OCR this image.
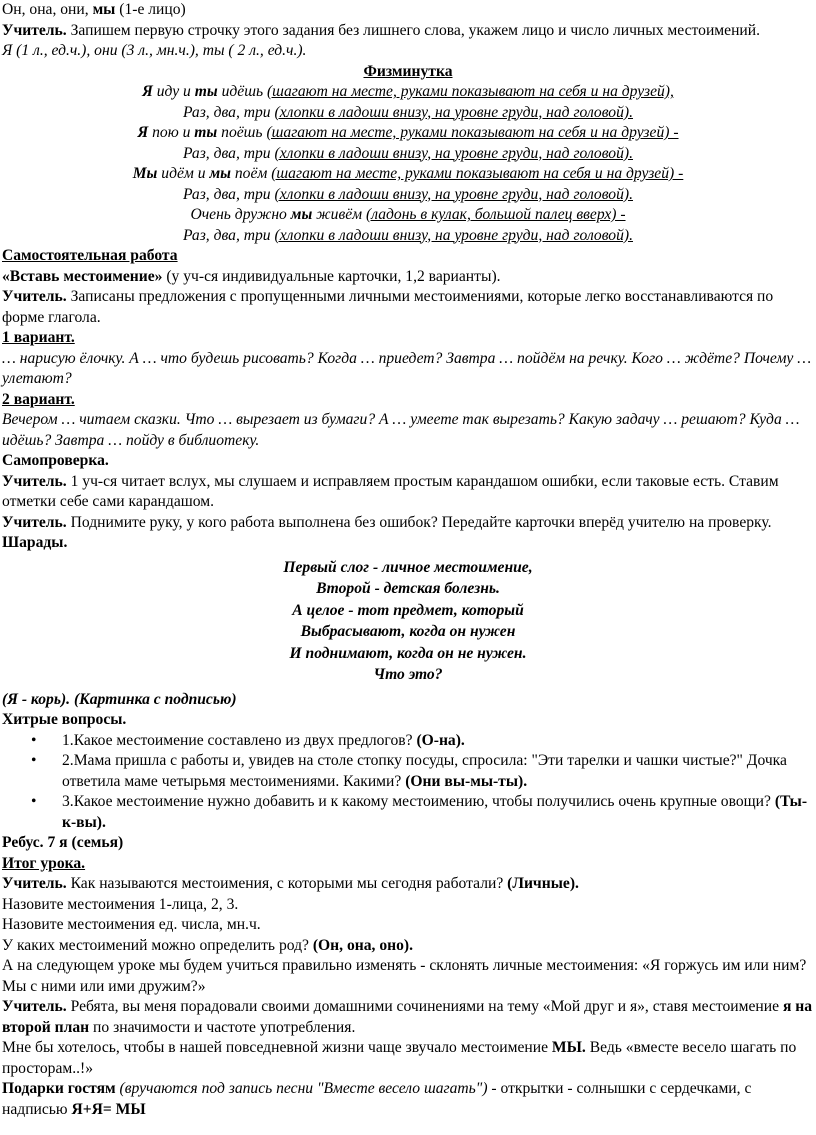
Он, она, они, мы (1-е лицо)

Учитель. Запишем первую строчку этого задания без лишнего слова, укажем лицо и число личных местоимений.

Я (1 л., ед.ч.), они (3 л., мн.ч.), ты ( 2 л., ед.ч.).

Физминутка

Я иду и ты идёшь (шагают на месте, руками показывают на себя и на друзей),

Раз, два, три (хлопки в ладоши внизу, на уровне груди, над головой).

Я пою и ты поёшь (шагают на месте, руками показывают на себя и на друзей) -

Раз, два, три (хлопки в ладоши внизу, на уровне груди, над головой).

Мы идём и мы поём (шагают на месте, руками показывают на себя и на друзей) -

Раз, два, три (хлопки в ладоши внизу, на уровне груди, над головой).

Очень дружно мы живём (ладонь в кулак, большой палец вверх) -

Раз, два, три (хлопки в ладоши внизу, на уровне груди, над головой).

Самостоятельная работа

«Вставь местоимение» (у уч-ся индивидуальные карточки, 1,2 варианты).

Учитель. Записаны предложения с пропущенными личными местоимениями, которые легко восстанавливаются по форме глагола.

1 вариант.

… нарисую ёлочку. А … что будешь рисовать? Когда … приедет? Завтра … пойдём на речку. Кого … ждёте? Почему … улетают?

2 вариант.

Вечером … читаем сказки. Что … вырезает из бумаги? А … умеете так вырезать? Какую задачу … решают? Куда … идёшь? Завтра … пойду в библиотеку.

Самопроверка.

Учитель. 1 уч-ся читает вслух, мы слушаем и исправляем простым карандашом ошибки, если таковые есть. Ставим отметки себе сами карандашом.

Учитель. Поднимите руку, у кого работа выполнена без ошибок? Передайте карточки вперёд учителю на проверку.

Шарады.

Первый слог - личное местоимение,

Второй - детская болезнь.

А целое - тот предмет, который

Выбрасывают, когда он нужен

И поднимают, когда он не нужен.

Что это?

(Я - корь). (Картинка с подписью)

Хитрые вопросы.

• 1.Какое местоимение составлено из двух предлогов? (О-на).
• 2.Мама пришла с работы и, увидев на столе стопку посуды, спросила: "Эти тарелки и чашки чистые?" Дочка ответила маме четырьмя местоимениями. Какими? (Они вы-мы-ты).
• 3.Какое местоимение нужно добавить и к какому местоимению, чтобы получились очень крупные овощи? (Ты-к-вы).

Ребус. 7 я (семья)

Итог урока.

Учитель. Как называются местоимения, с которыми мы сегодня работали? (Личные).

Назовите местоимения 1-лица, 2, 3.

Назовите местоимения ед. числа, мн.ч.

У каких местоимений можно определить род? (Он, она, оно).

А на следующем уроке мы будем учиться правильно изменять - склонять личные местоимения: «Я горжусь им или ним? Мы с ними или ими дружим?»

Учитель. Ребята, вы меня порадовали своими домашними сочинениями на тему «Мой друг и я», ставя местоимение я на второй план по значимости и частоте употребления.

Мне бы хотелось, чтобы в нашей повседневной жизни чаще звучало местоимение МЫ. Ведь «вместе весело шагать по просторам..!»

Подарки гостям (вручаются под запись песни "Вместе весело шагать") - открытки - солнышки с сердечками, с надписью Я+Я= МЫ
